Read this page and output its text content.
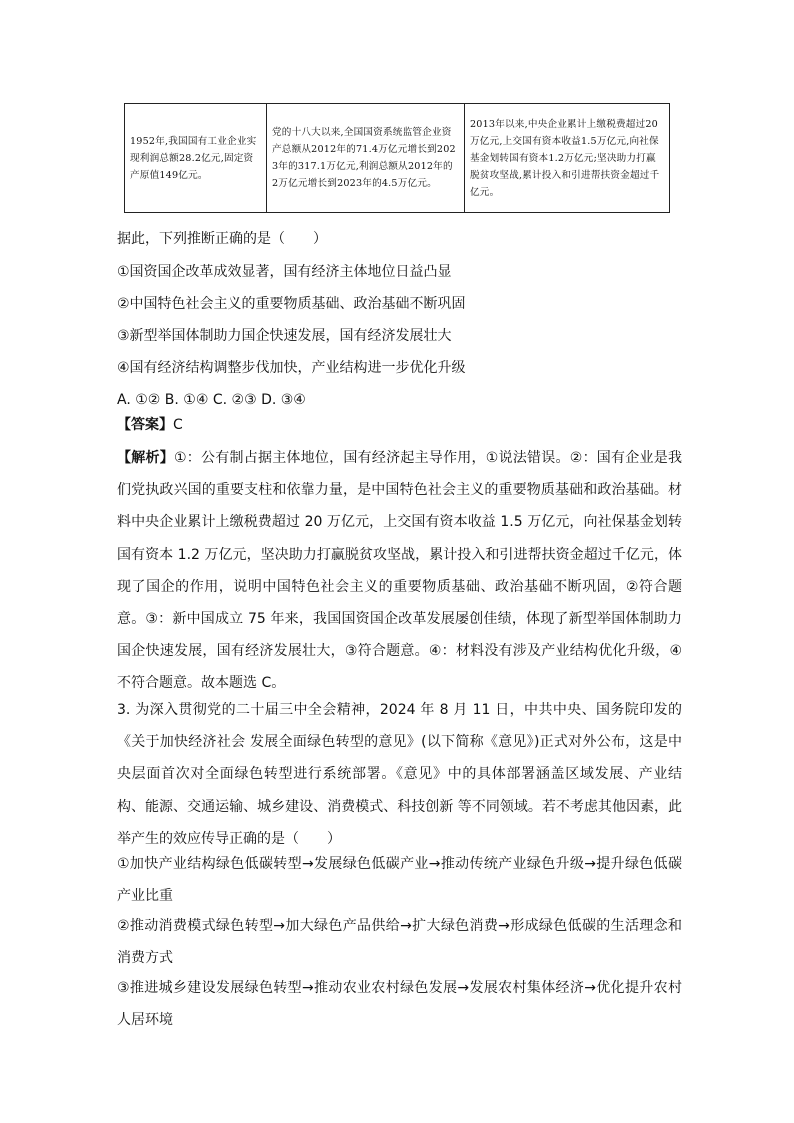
1952年,我国国有工业企业实现利润总额28.2亿元,固定资产原值149亿元。	党的十八大以来,全国国资系统监管企业资产总额从2012年的71.4万亿元增长到2023年的317.1万亿元,利润总额从2012年的2万亿元增长到2023年的4.5万亿元。	2013年以来,中央企业累计上缴税费超过20万亿元,上交国有资本收益1.5万亿元,向社保基金划转国有资本1.2万亿元;坚决助力打赢脱贫攻坚战,累计投入和引进帮扶资金超过千亿元。
据此，下列推断正确的是（　　）
①国资国企改革成效显著，国有经济主体地位日益凸显
②中国特色社会主义的重要物质基础、政治基础不断巩固
③新型举国体制助力国企快速发展，国有经济发展壮大
④国有经济结构调整步伐加快，产业结构进一步优化升级
A. ①② B. ①④ C. ②③ D. ③④
【答案】C
【解析】①：公有制占据主体地位，国有经济起主导作用，①说法错误。②：国有企业是我们党执政兴国的重要支柱和依靠力量，是中国特色社会主义的重要物质基础和政治基础。材料中央企业累计上缴税费超过 20 万亿元，上交国有资本收益 1.5 万亿元，向社保基金划转国有资本 1.2 万亿元，坚决助力打赢脱贫攻坚战，累计投入和引进帮扶资金超过千亿元，体现了国企的作用，说明中国特色社会主义的重要物质基础、政治基础不断巩固，②符合题意。③：新中国成立 75 年来，我国国资国企改革发展屡创佳绩，体现了新型举国体制助力国企快速发展，国有经济发展壮大，③符合题意。④：材料没有涉及产业结构优化升级，④不符合题意。故本题选 C。
3. 为深入贯彻党的二十届三中全会精神，2024 年 8 月 11 日，中共中央、国务院印发的《关于加快经济社会 发展全面绿色转型的意见》(以下简称《意见》)正式对外公布，这是中央层面首次对全面绿色转型进行系统部署。《意见》中的具体部署涵盖区域发展、产业结构、能源、交通运输、城乡建设、消费模式、科技创新 等不同领域。若不考虑其他因素，此举产生的效应传导正确的是（　　）
①加快产业结构绿色低碳转型→发展绿色低碳产业→推动传统产业绿色升级→提升绿色低碳产业比重
②推动消费模式绿色转型→加大绿色产品供给→扩大绿色消费→形成绿色低碳的生活理念和消费方式
③推进城乡建设发展绿色转型→推动农业农村绿色发展→发展农村集体经济→优化提升农村人居环境
